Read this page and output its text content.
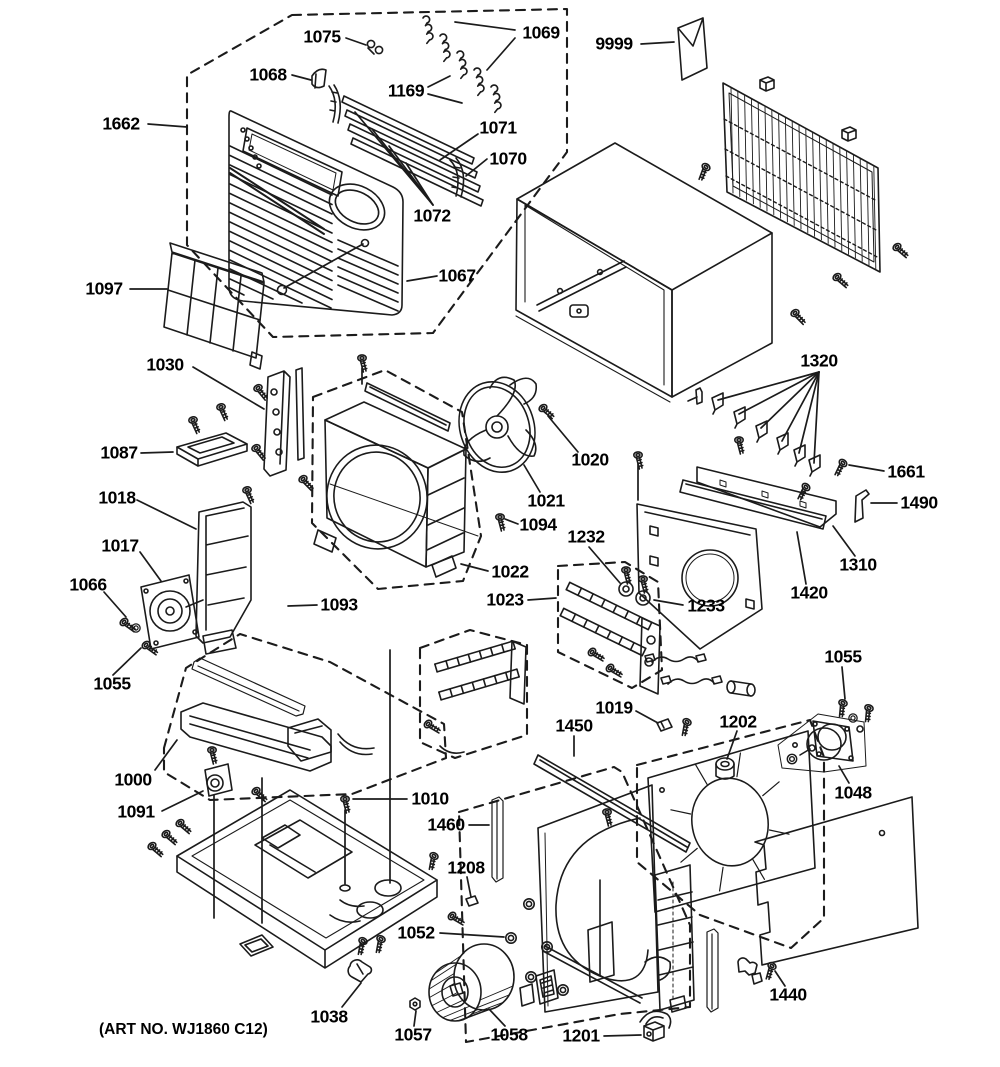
1075
1068
1069
9999
1169
1662	1071
1070
1072
1067
1097
1030	1320
1087
1661
1018	1490
1020
1021
1094
1017	1232
1310
1022
1066	1420
1023	1233
1093
1055
1055
1019
1202
1450
1000
1048
1010
1091
1460
1208
1052
1440
1038
1057	1058 1201
(ART NO. WJ1860 C12)
